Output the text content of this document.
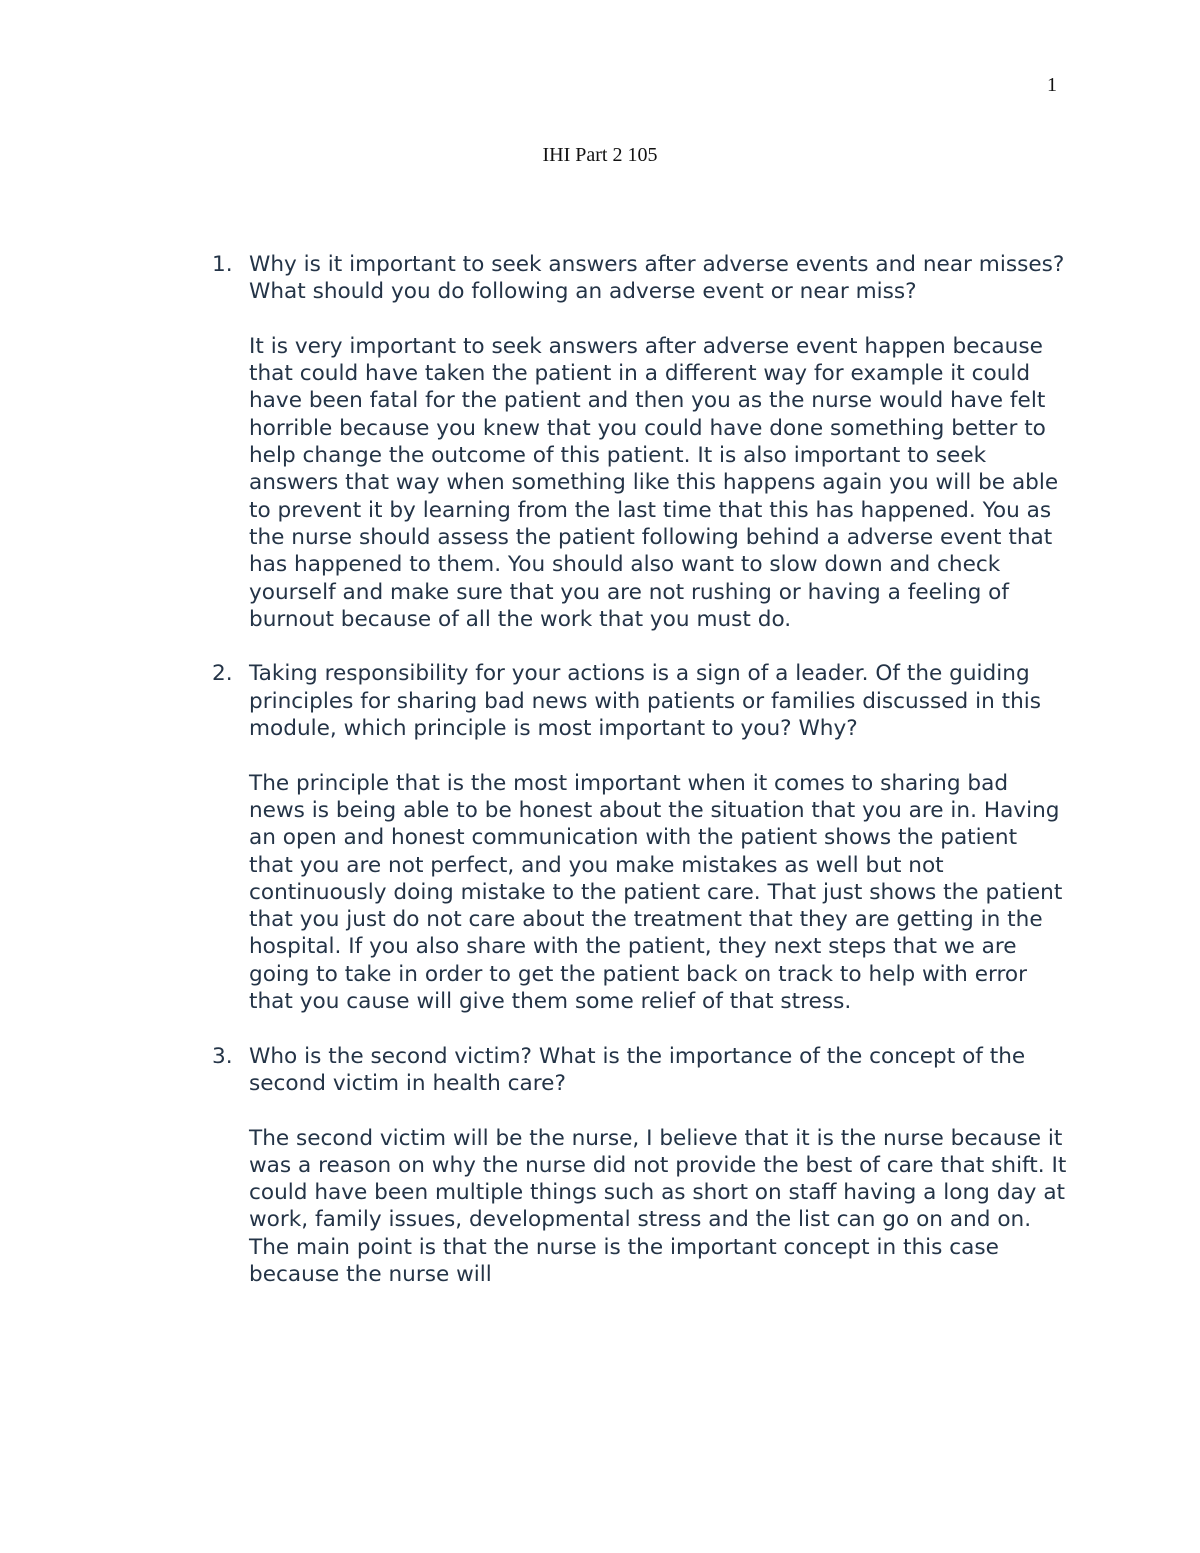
1

IHI Part 2 105

1. Why is it important to seek answers after adverse events and near misses? What should you do following an adverse event or near miss?

It is very important to seek answers after adverse event happen because that could have taken the patient in a different way for example it could have been fatal for the patient and then you as the nurse would have felt horrible because you knew that you could have done something better to help change the outcome of this patient. It is also important to seek answers that way when something like this happens again you will be able to prevent it by learning from the last time that this has happened. You as the nurse should assess the patient following behind a adverse event that has happened to them. You should also want to slow down and check yourself and make sure that you are not rushing or having a feeling of burnout because of all the work that you must do.

2. Taking responsibility for your actions is a sign of a leader. Of the guiding principles for sharing bad news with patients or families discussed in this module, which principle is most important to you? Why?

The principle that is the most important when it comes to sharing bad news is being able to be honest about the situation that you are in. Having an open and honest communication with the patient shows the patient that you are not perfect, and you make mistakes as well but not continuously doing mistake to the patient care. That just shows the patient that you just do not care about the treatment that they are getting in the hospital. If you also share with the patient, they next steps that we are going to take in order to get the patient back on track to help with error that you cause will give them some relief of that stress.

3. Who is the second victim? What is the importance of the concept of the second victim in health care?

The second victim will be the nurse, I believe that it is the nurse because it was a reason on why the nurse did not provide the best of care that shift. It could have been multiple things such as short on staff having a long day at work, family issues, developmental stress and the list can go on and on. The main point is that the nurse is the important concept in this case because the nurse will
